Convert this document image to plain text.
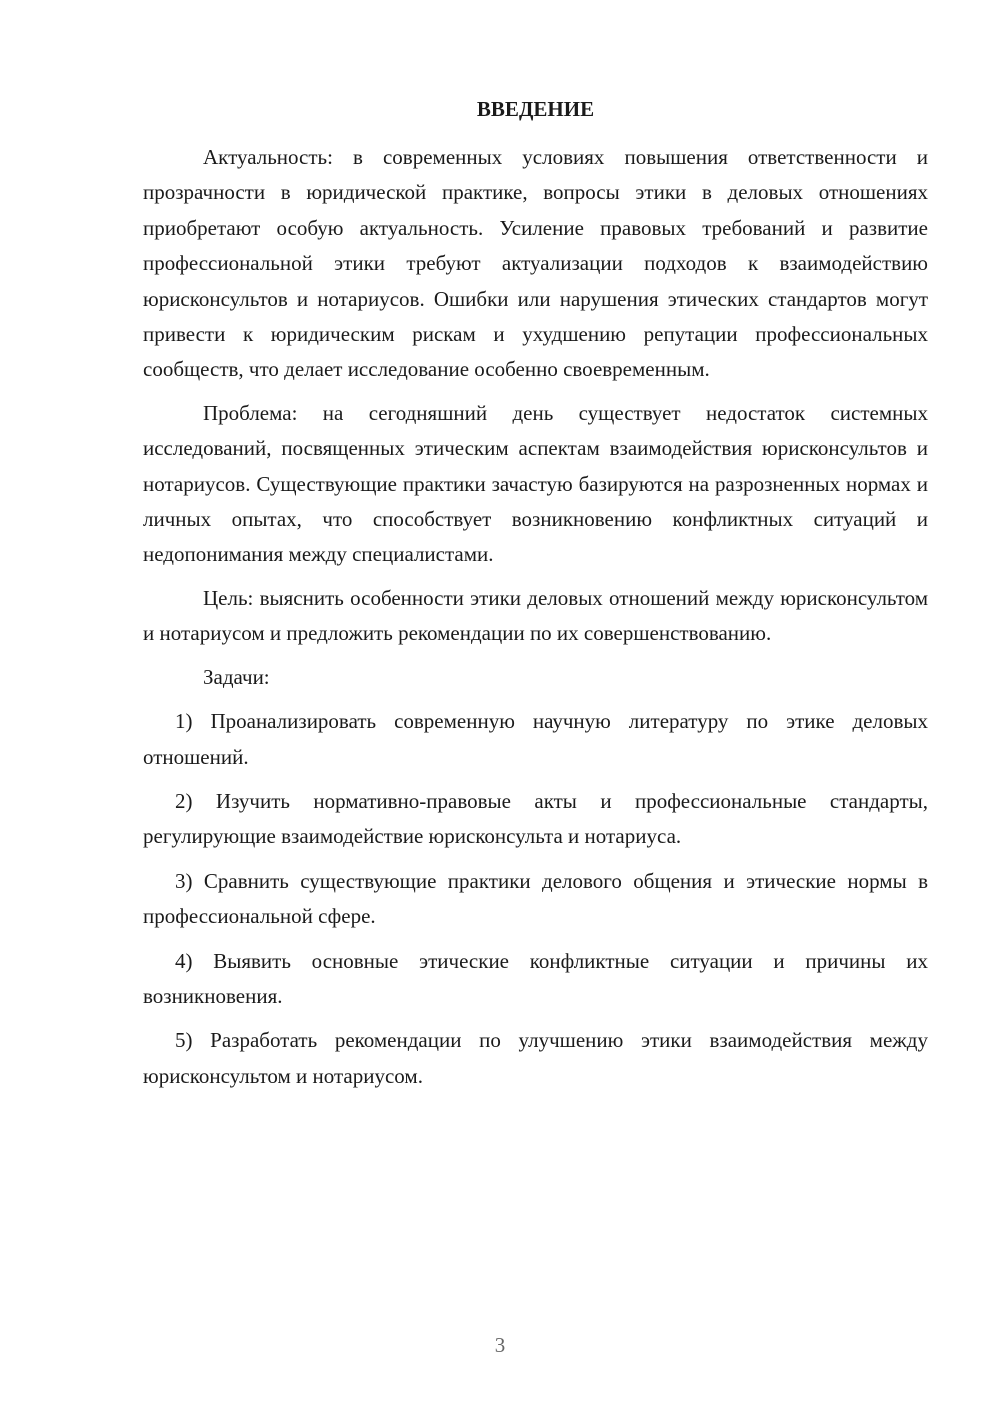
ВВЕДЕНИЕ

Актуальность: в современных условиях повышения ответственности и прозрачности в юридической практике, вопросы этики в деловых отношениях приобретают особую актуальность. Усиление правовых требований и развитие профессиональной этики требуют актуализации подходов к взаимодействию юрисконсультов и нотариусов. Ошибки или нарушения этических стандартов могут привести к юридическим рискам и ухудшению репутации профессиональных сообществ, что делает исследование особенно своевременным.

Проблема: на сегодняшний день существует недостаток системных исследований, посвященных этическим аспектам взаимодействия юрисконсультов и нотариусов. Существующие практики зачастую базируются на разрозненных нормах и личных опытах, что способствует возникновению конфликтных ситуаций и недопонимания между специалистами.

Цель: выяснить особенности этики деловых отношений между юрисконсультом и нотариусом и предложить рекомендации по их совершенствованию.

Задачи:

1) Проанализировать современную научную литературу по этике деловых отношений.

2) Изучить нормативно-правовые акты и профессиональные стандарты, регулирующие взаимодействие юрисконсульта и нотариуса.

3) Сравнить существующие практики делового общения и этические нормы в профессиональной сфере.

4) Выявить основные этические конфликтные ситуации и причины их возникновения.

5) Разработать рекомендации по улучшению этики взаимодействия между юрисконсультом и нотариусом.

3
